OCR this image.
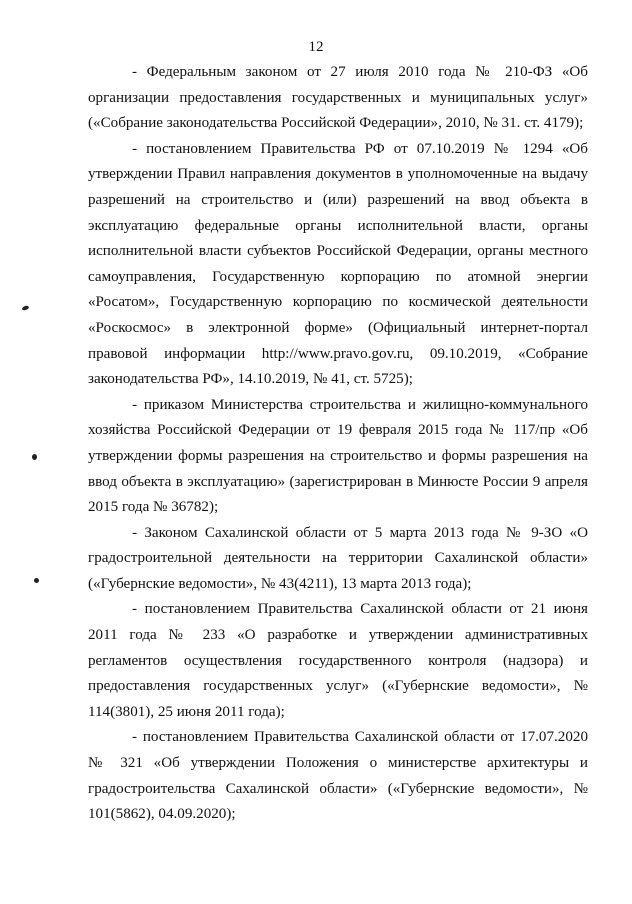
12

- Федеральным законом от 27 июля 2010 года № 210-ФЗ «Об организации предоставления государственных и муниципальных услуг» («Собрание законодательства Российской Федерации», 2010, № 31. ст. 4179);

- постановлением Правительства РФ от 07.10.2019 № 1294 «Об утверждении Правил направления документов в уполномоченные на выдачу разрешений на строительство и (или) разрешений на ввод объекта в эксплуатацию федеральные органы исполнительной власти, органы исполнительной власти субъектов Российской Федерации, органы местного самоуправления, Государственную корпорацию по атомной энергии «Росатом», Государственную корпорацию по космической деятельности «Роскосмос» в электронной форме» (Официальный интернет-портал правовой информации http://www.pravo.gov.ru, 09.10.2019, «Собрание законодательства РФ», 14.10.2019, № 41, ст. 5725);

- приказом Министерства строительства и жилищно-коммунального хозяйства Российской Федерации от 19 февраля 2015 года № 117/пр «Об утверждении формы разрешения на строительство и формы разрешения на ввод объекта в эксплуатацию» (зарегистрирован в Минюсте России 9 апреля 2015 года № 36782);

- Законом Сахалинской области от 5 марта 2013 года № 9-ЗО «О градостроительной деятельности на территории Сахалинской области» («Губернские ведомости», № 43(4211), 13 марта 2013 года);

- постановлением Правительства Сахалинской области от 21 июня 2011 года № 233 «О разработке и утверждении административных регламентов осуществления государственного контроля (надзора) и предоставления государственных услуг» («Губернские ведомости», № 114(3801), 25 июня 2011 года);

- постановлением Правительства Сахалинской области от 17.07.2020 № 321 «Об утверждении Положения о министерстве архитектуры и градостроительства Сахалинской области» («Губернские ведомости», № 101(5862), 04.09.2020);
